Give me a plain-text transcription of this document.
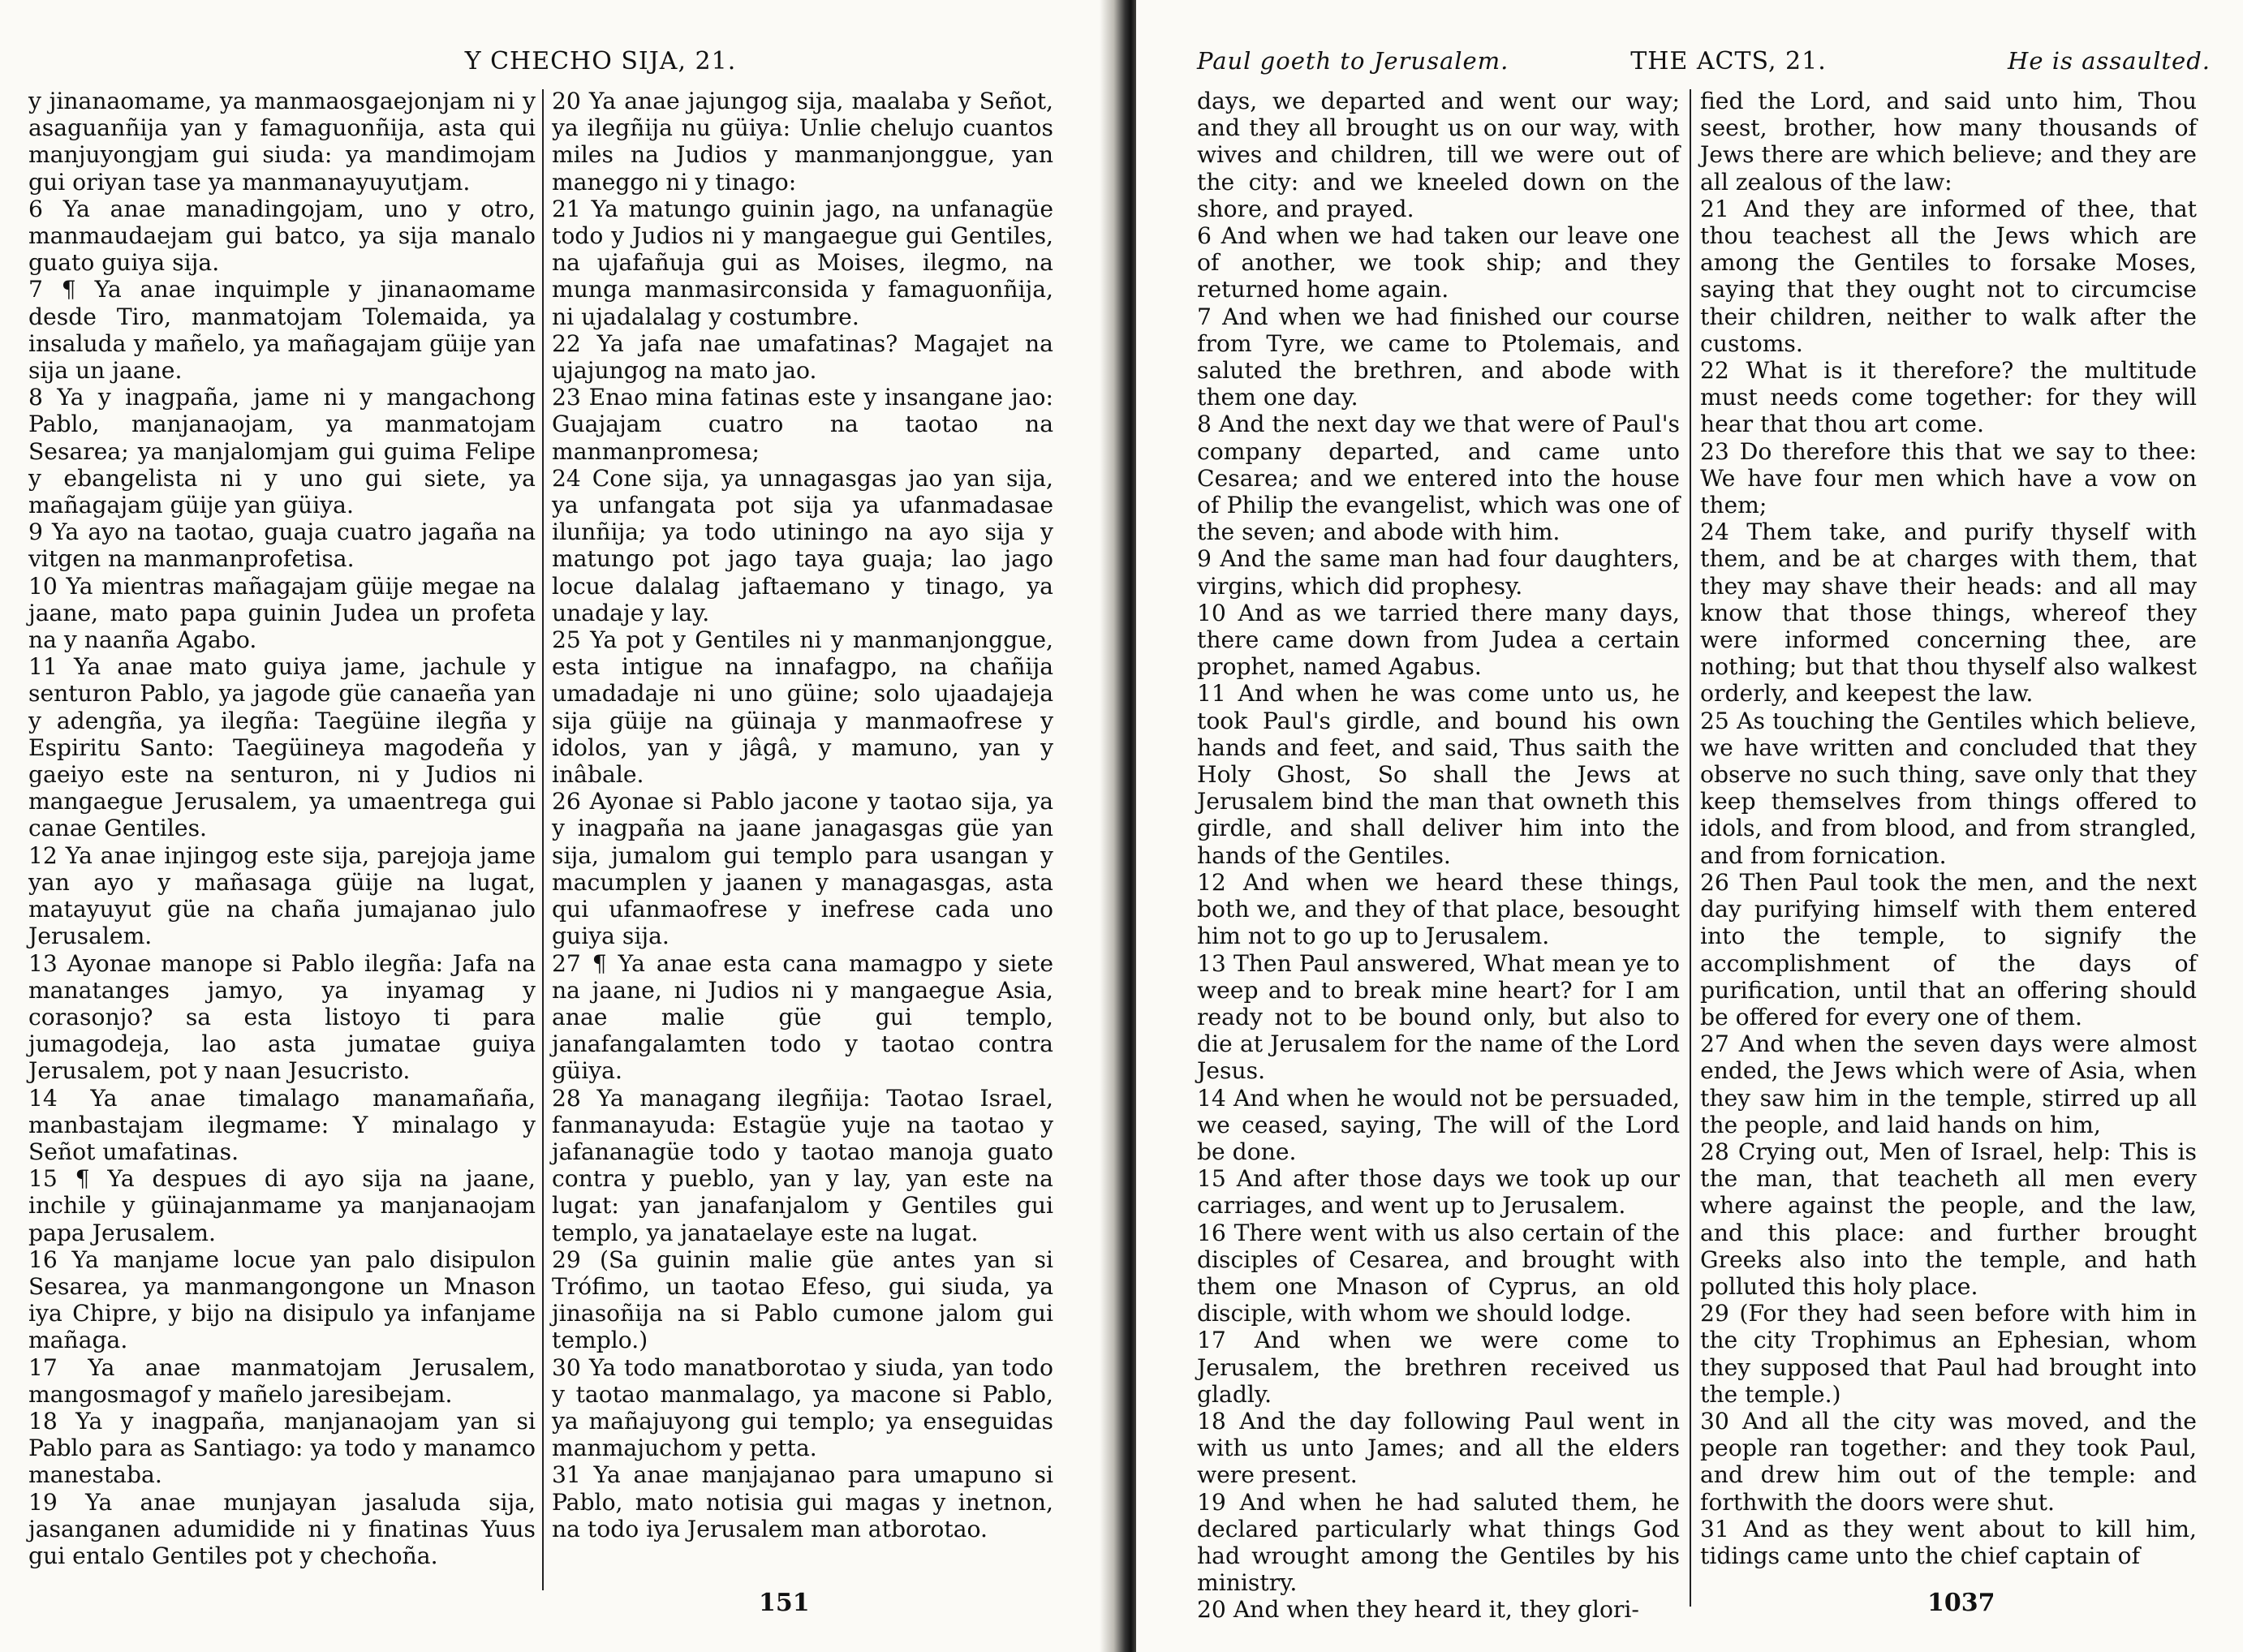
Y CHECHO SIJA, 21.

y jinanaomame, ya manmaosgaejonjam ni y asaguanñija yan y famaguonñija, asta qui manjuyongjam gui siuda: ya mandimojam gui oriyan tase ya manmanayuyutjam.

6 Ya anae manadingojam, uno y otro, manmaudaejam gui batco, ya sija manalo guato guiya sija.

7 ¶ Ya anae inquimple y jinanaomame desde Tiro, manmatojam Tolemaida, ya insaluda y mañelo, ya mañagajam güije yan sija un jaane.

8 Ya y inagpaña, jame ni y mangachong Pablo, manjanaojam, ya manmatojam Sesarea; ya manjalomjam gui guima Felipe y ebangelista ni y uno gui siete, ya mañagajam güije yan güiya.

9 Ya ayo na taotao, guaja cuatro jagaña na vitgen na manmanprofetisa.

10 Ya mientras mañagajam güije megae na jaane, mato papa guinin Judea un profeta na y naanña Agabo.

11 Ya anae mato guiya jame, jachule y senturon Pablo, ya jagode güe canaeña yan y adengña, ya ilegña: Taegüine ilegña y Espiritu Santo: Taegüineya magodeña y gaeiyo este na senturon, ni y Judios ni mangaegue Jerusalem, ya umaentrega gui canae Gentiles.

12 Ya anae injingog este sija, parejoja jame yan ayo y mañasaga güije na lugat, matayuyut güe na chaña jumajanao julo Jerusalem.

13 Ayonae manope si Pablo ilegña: Jafa na manatanges jamyo, ya inyamag y corasonjo? sa esta listoyo ti para jumagodeja, lao asta jumatae guiya Jerusalem, pot y naan Jesucristo.

14 Ya anae timalago manamañaña, manbastajam ilegmame: Y minalago y Señot umafatinas.

15 ¶ Ya despues di ayo sija na jaane, inchile y güinajanmame ya manjanaojam papa Jerusalem.

16 Ya manjame locue yan palo disipulon Sesarea, ya manmangongone un Mnason iya Chipre, y bijo na disipulo ya infanjame mañaga.

17 Ya anae manmatojam Jerusalem, mangosmagof y mañelo jaresibejam.

18 Ya y inagpaña, manjanaojam yan si Pablo para as Santiago: ya todo y manamco manestaba.

19 Ya anae munjayan jasaluda sija, jasanganen adumidide ni y finatinas Yuus gui entalo Gentiles pot y chechoña.

20 Ya anae jajungog sija, maalaba y Señot, ya ilegñija nu güiya: Unlie chelujo cuantos miles na Judios y manmanjonggue, yan maneggo ni y tinago:

21 Ya matungo guinin jago, na unfanagüe todo y Judios ni y mangaegue gui Gentiles, na ujafañuja gui as Moises, ilegmo, na munga manmasirconsida y famaguonñija, ni ujadalalag y costumbre.

22 Ya jafa nae umafatinas? Magajet na ujajungog na mato jao.

23 Enao mina fatinas este y insangane jao: Guajajam cuatro na taotao na manmanpromesa;

24 Cone sija, ya unnagasgas jao yan sija, ya unfangata pot sija ya ufanmadasae ilunñija; ya todo utiningo na ayo sija y matungo pot jago taya guaja; lao jago locue dalalag jaftaemano y tinago, ya unadaje y lay.

25 Ya pot y Gentiles ni y manmanjonggue, esta intigue na innafagpo, na chañija umadadaje ni uno güine; solo ujaadajeja sija güije na güinaja y manmaofrese y idolos, yan y jâgâ, y mamuno, yan y inâbale.

26 Ayonae si Pablo jacone y taotao sija, ya y inagpaña na jaane janagasgas güe yan sija, jumalom gui templo para usangan y macumplen y jaanen y managasgas, asta qui ufanmaofrese y inefrese cada uno guiya sija.

27 ¶ Ya anae esta cana mamagpo y siete na jaane, ni Judios ni y mangaegue Asia, anae malie güe gui templo, janafangalamten todo y taotao contra güiya.

28 Ya managang ilegñija: Taotao Israel, fanmanayuda: Estagüe yuje na taotao y jafananagüe todo y taotao manoja guato contra y pueblo, yan y lay, yan este na lugat: yan janafanjalom y Gentiles gui templo, ya janataelaye este na lugat.

29 (Sa guinin malie güe antes yan si Trófimo, un taotao Efeso, gui siuda, ya jinasoñija na si Pablo cumone jalom gui templo.)

30 Ya todo manatborotao y siuda, yan todo y taotao manmalago, ya macone si Pablo, ya mañajuyong gui templo; ya enseguidas manmajuchom y petta.

31 Ya anae manjajanao para umapuno si Pablo, mato notisia gui magas y inetnon, na todo iya Jerusalem man atborotao.

151
Paul goeth to Jerusalem.	THE ACTS, 21.	He is assaulted.

days, we departed and went our way; and they all brought us on our way, with wives and children, till we were out of the city: and we kneeled down on the shore, and prayed.

6 And when we had taken our leave one of another, we took ship; and they returned home again.

7 And when we had finished our course from Tyre, we came to Ptolemais, and saluted the brethren, and abode with them one day.

8 And the next day we that were of Paul's company departed, and came unto Cesarea; and we entered into the house of Philip the evangelist, which was one of the seven; and abode with him.

9 And the same man had four daughters, virgins, which did prophesy.

10 And as we tarried there many days, there came down from Judea a certain prophet, named Agabus.

11 And when he was come unto us, he took Paul's girdle, and bound his own hands and feet, and said, Thus saith the Holy Ghost, So shall the Jews at Jerusalem bind the man that owneth this girdle, and shall deliver him into the hands of the Gentiles.

12 And when we heard these things, both we, and they of that place, besought him not to go up to Jerusalem.

13 Then Paul answered, What mean ye to weep and to break mine heart? for I am ready not to be bound only, but also to die at Jerusalem for the name of the Lord Jesus.

14 And when he would not be persuaded, we ceased, saying, The will of the Lord be done.

15 And after those days we took up our carriages, and went up to Jerusalem.

16 There went with us also certain of the disciples of Cesarea, and brought with them one Mnason of Cyprus, an old disciple, with whom we should lodge.

17 And when we were come to Jerusalem, the brethren received us gladly.

18 And the day following Paul went in with us unto James; and all the elders were present.

19 And when he had saluted them, he declared particularly what things God had wrought among the Gentiles by his ministry.

20 And when they heard it, they glori-

fied the Lord, and said unto him, Thou seest, brother, how many thousands of Jews there are which believe; and they are all zealous of the law:

21 And they are informed of thee, that thou teachest all the Jews which are among the Gentiles to forsake Moses, saying that they ought not to circumcise their children, neither to walk after the customs.

22 What is it therefore? the multitude must needs come together: for they will hear that thou art come.

23 Do therefore this that we say to thee: We have four men which have a vow on them;

24 Them take, and purify thyself with them, and be at charges with them, that they may shave their heads: and all may know that those things, whereof they were informed concerning thee, are nothing; but that thou thyself also walkest orderly, and keepest the law.

25 As touching the Gentiles which believe, we have written and concluded that they observe no such thing, save only that they keep themselves from things offered to idols, and from blood, and from strangled, and from fornication.

26 Then Paul took the men, and the next day purifying himself with them entered into the temple, to signify the accomplishment of the days of purification, until that an offering should be offered for every one of them.

27 And when the seven days were almost ended, the Jews which were of Asia, when they saw him in the temple, stirred up all the people, and laid hands on him,

28 Crying out, Men of Israel, help: This is the man, that teacheth all men every where against the people, and the law, and this place: and further brought Greeks also into the temple, and hath polluted this holy place.

29 (For they had seen before with him in the city Trophimus an Ephesian, whom they supposed that Paul had brought into the temple.)

30 And all the city was moved, and the people ran together: and they took Paul, and drew him out of the temple: and forthwith the doors were shut.

31 And as they went about to kill him, tidings came unto the chief captain of

1037
